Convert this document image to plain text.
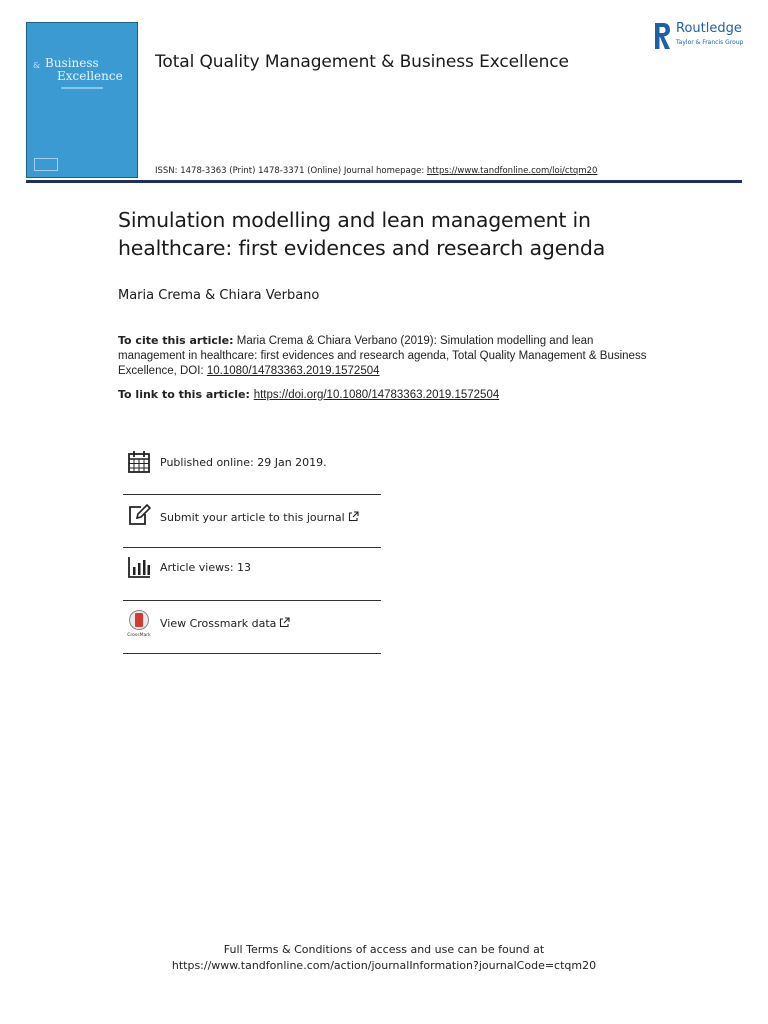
& Business
Excellence
Total Quality Management & Business Excellence
Routledge
Taylor & Francis Group
ISSN: 1478-3363 (Print) 1478-3371 (Online) Journal homepage: https://www.tandfonline.com/loi/ctqm20
Simulation modelling and lean management in healthcare: first evidences and research agenda
Maria Crema & Chiara Verbano
To cite this article: Maria Crema & Chiara Verbano (2019): Simulation modelling and lean management in healthcare: first evidences and research agenda, Total Quality Management & Business Excellence, DOI: 10.1080/14783363.2019.1572504
To link to this article: https://doi.org/10.1080/14783363.2019.1572504
Published online: 29 Jan 2019.
Submit your article to this journal
Article views: 13
CrossMark
View Crossmark data
Full Terms & Conditions of access and use can be found at
https://www.tandfonline.com/action/journalInformation?journalCode=ctqm20
